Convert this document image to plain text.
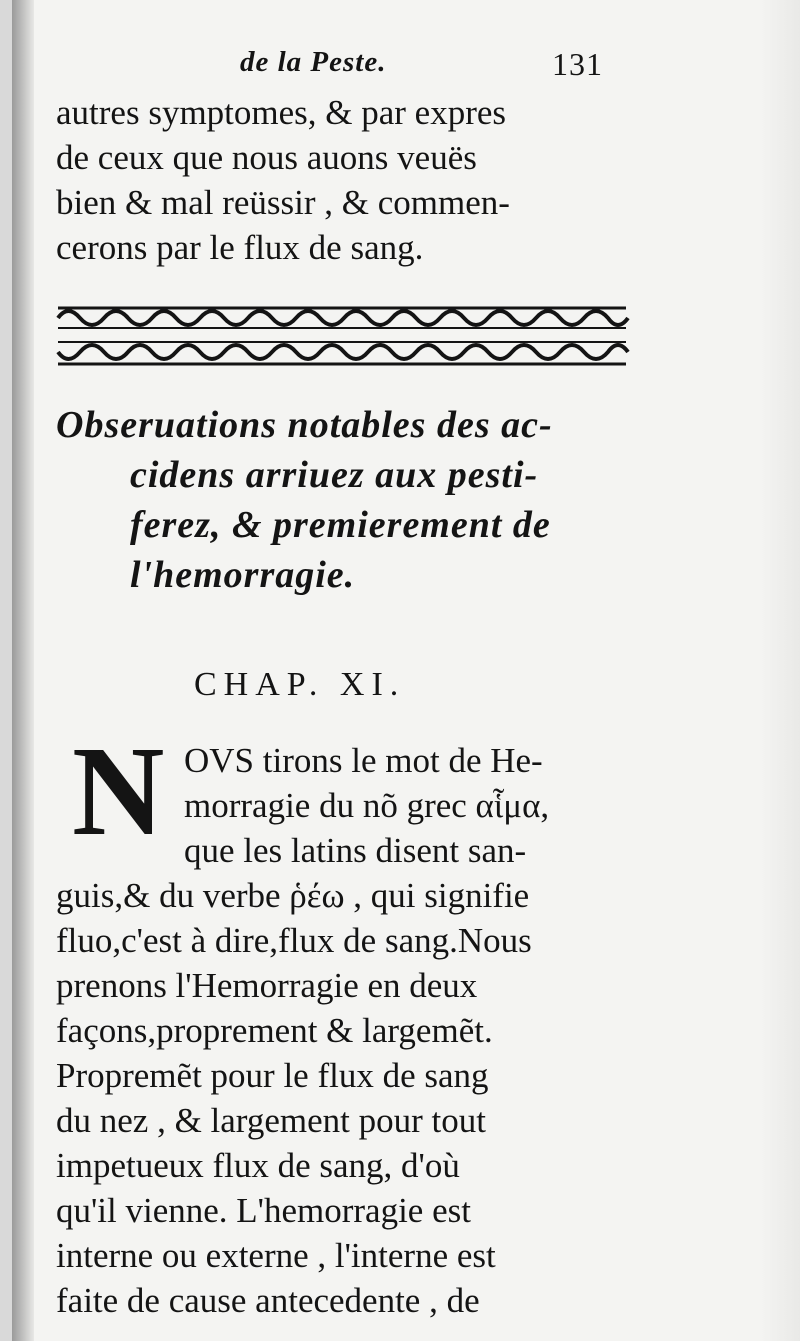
de la Peste.	131
autres symptomes, & par expres
de ceux que nous auons veuës
bien & mal reüssir , & commen-
cerons par le flux de sang.
Obseruations notables des ac-
cidens arriuez aux pesti-
ferez, & premierement de
l'hemorragie.
CHAP. XI.
N OVS tirons le mot de He-
morragie du nõ grec αἷμα,
que les latins disent san-
guis,& du verbe ῥέω , qui signifie
fluo,c'est à dire,flux de sang.Nous
prenons l'Hemorragie en deux
façons,proprement & largemẽt.
Propremẽt pour le flux de sang
du nez , & largement pour tout
impetueux flux de sang, d'où
qu'il vienne. L'hemorragie est
interne ou externe , l'interne est
faite de cause antecedente , de
